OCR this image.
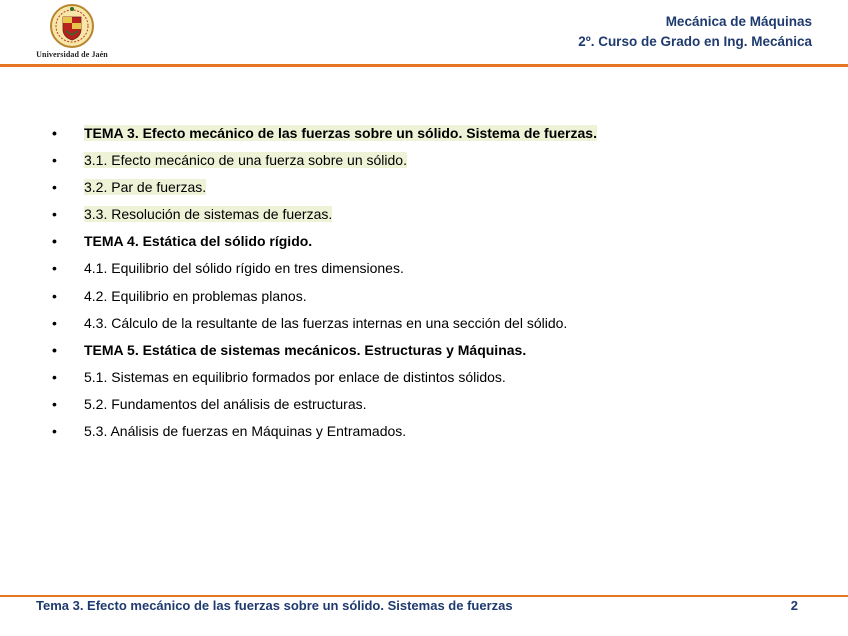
Universidad de Jaén
Mecánica de Máquinas
2º. Curso de Grado en Ing. Mecánica
• TEMA 3. Efecto mecánico de las fuerzas sobre un sólido. Sistema de fuerzas.
• 3.1. Efecto mecánico de una fuerza sobre un sólido.
• 3.2. Par de fuerzas.
• 3.3. Resolución de sistemas de fuerzas.
• TEMA 4. Estática del sólido rígido.
• 4.1. Equilibrio del sólido rígido en tres dimensiones.
• 4.2. Equilibrio en problemas planos.
• 4.3. Cálculo de la resultante de las fuerzas internas en una sección del sólido.
• TEMA 5. Estática de sistemas mecánicos. Estructuras y Máquinas.
• 5.1. Sistemas en equilibrio formados por enlace de distintos sólidos.
• 5.2. Fundamentos del análisis de estructuras.
• 5.3. Análisis de fuerzas en Máquinas y Entramados.
Tema 3. Efecto mecánico de las fuerzas sobre un sólido. Sistemas de fuerzas	2
